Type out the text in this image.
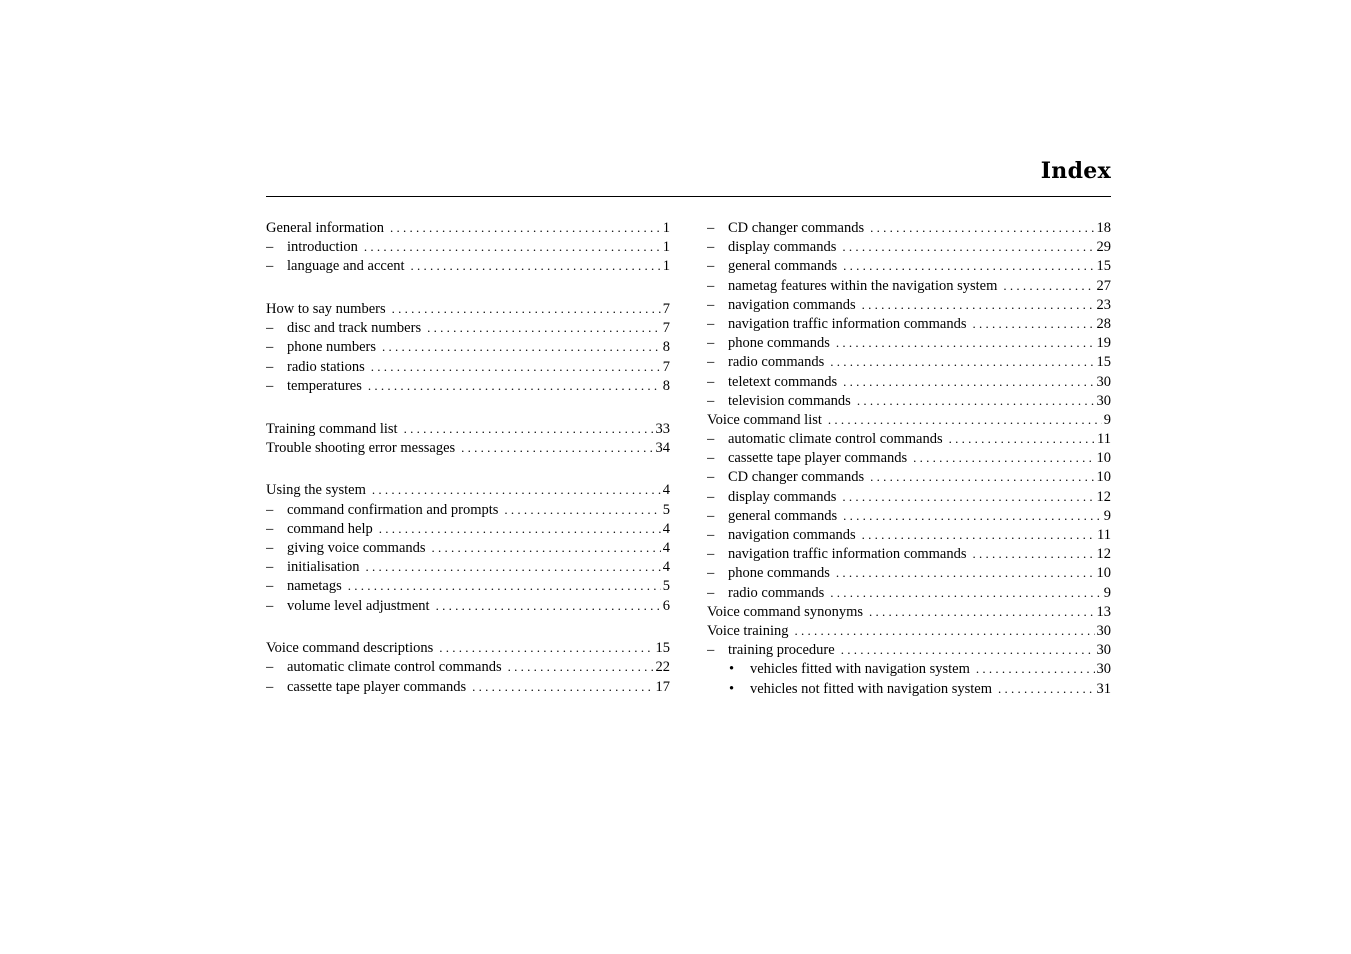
Index
General information . . .	1
– introduction . . .	1
– language and accent . . .	1
How to say numbers . . .	7
– disc and track numbers . . .	7
– phone numbers . . .	8
– radio stations . . .	7
– temperatures . . .	8
Training command list . . .	33
Trouble shooting error messages . . .	34
Using the system . . .	4
– command confirmation and prompts . . .	5
– command help . . .	4
– giving voice commands . . .	4
– initialisation . . .	4
– nametags . . .	5
– volume level adjustment . . .	6
Voice command descriptions . . .	15
– automatic climate control commands . . .	22
– cassette tape player commands . . .	17
– CD changer commands . . .	18
– display commands . . .	29
– general commands . . .	15
– nametag features within the navigation system . . .	27
– navigation commands . . .	23
– navigation traffic information commands . . .	28
– phone commands . . .	19
– radio commands . . .	15
– teletext commands . . .	30
– television commands . . .	30
Voice command list . . .	9
– automatic climate control commands . . .	11
– cassette tape player commands . . .	10
– CD changer commands . . .	10
– display commands . . .	12
– general commands . . .	9
– navigation commands . . .	11
– navigation traffic information commands . . .	12
– phone commands . . .	10
– radio commands . . .	9
Voice command synonyms . . .	13
Voice training . . .	30
– training procedure . . .	30
•	vehicles fitted with navigation system . . .	30
•	vehicles not fitted with navigation system . . .	31
